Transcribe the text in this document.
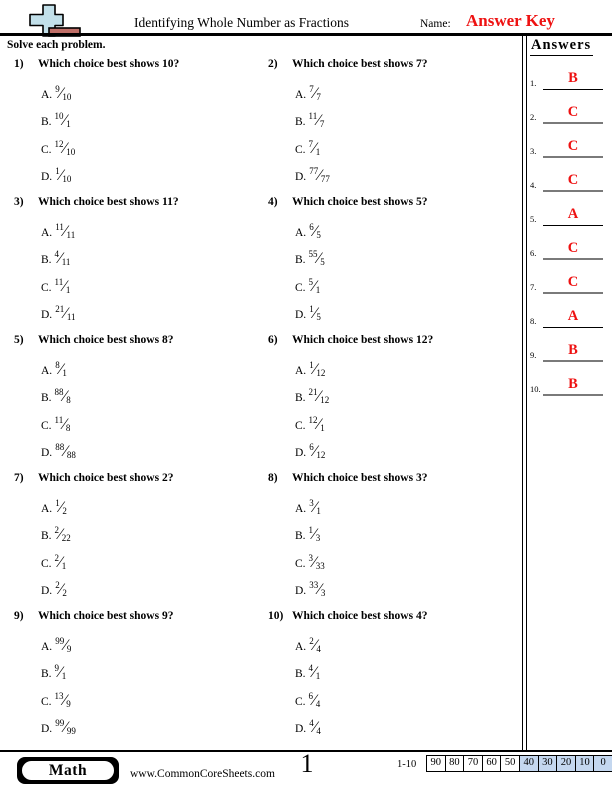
Identifying Whole Number as Fractions	Name: Answer Key
Solve each problem.
1)	Which choice best shows 10?
A. $^9$⁄10
B. $^{10}$⁄1
C. $^{12}$⁄10
D. $^1$⁄10
2)	Which choice best shows 7?
A. $^7$⁄7
B. $^{11}$⁄7
C. $^7$⁄1
D. $^{77}$⁄77
3)	Which choice best shows 11?
A. $^{11}$⁄11
B. $^4$⁄11
C. $^{11}$⁄1
D. $^{21}$⁄11
4)	Which choice best shows 5?
A. $^6$⁄5
B. $^{55}$⁄5
C. $^5$⁄1
D. $^1$⁄5
5)	Which choice best shows 8?
A. $^8$⁄1
B. $^{88}$⁄8
C. $^{11}$⁄8
D. $^{88}$⁄88
6)	Which choice best shows 12?
A. $^1$⁄12
B. $^{21}$⁄12
C. $^{12}$⁄1
D. $^6$⁄12
7)	Which choice best shows 2?
A. $^1$⁄2
B. $^2$⁄22
C. $^2$⁄1
D. $^2$⁄2
8)	Which choice best shows 3?
A. $^3$⁄1
B. $^1$⁄3
C. $^3$⁄33
D. $^{33}$⁄3
9)	Which choice best shows 9?
A. $^{99}$⁄9
B. $^9$⁄1
C. $^{13}$⁄9
D. $^{99}$⁄99
10) Which choice best shows 4?
A. $^2$⁄4
B. $^4$⁄1
C. $^6$⁄4
D. $^4$⁄4
Answers
1.	B
2.	C
3.	C
4.	C
5.	A
6.	C
7.	C
8.	A
9.	B
10.	B
Math	www.CommonCoreSheets.com 1	1-10	90 80 70 60 50 40 30 20 10	0
